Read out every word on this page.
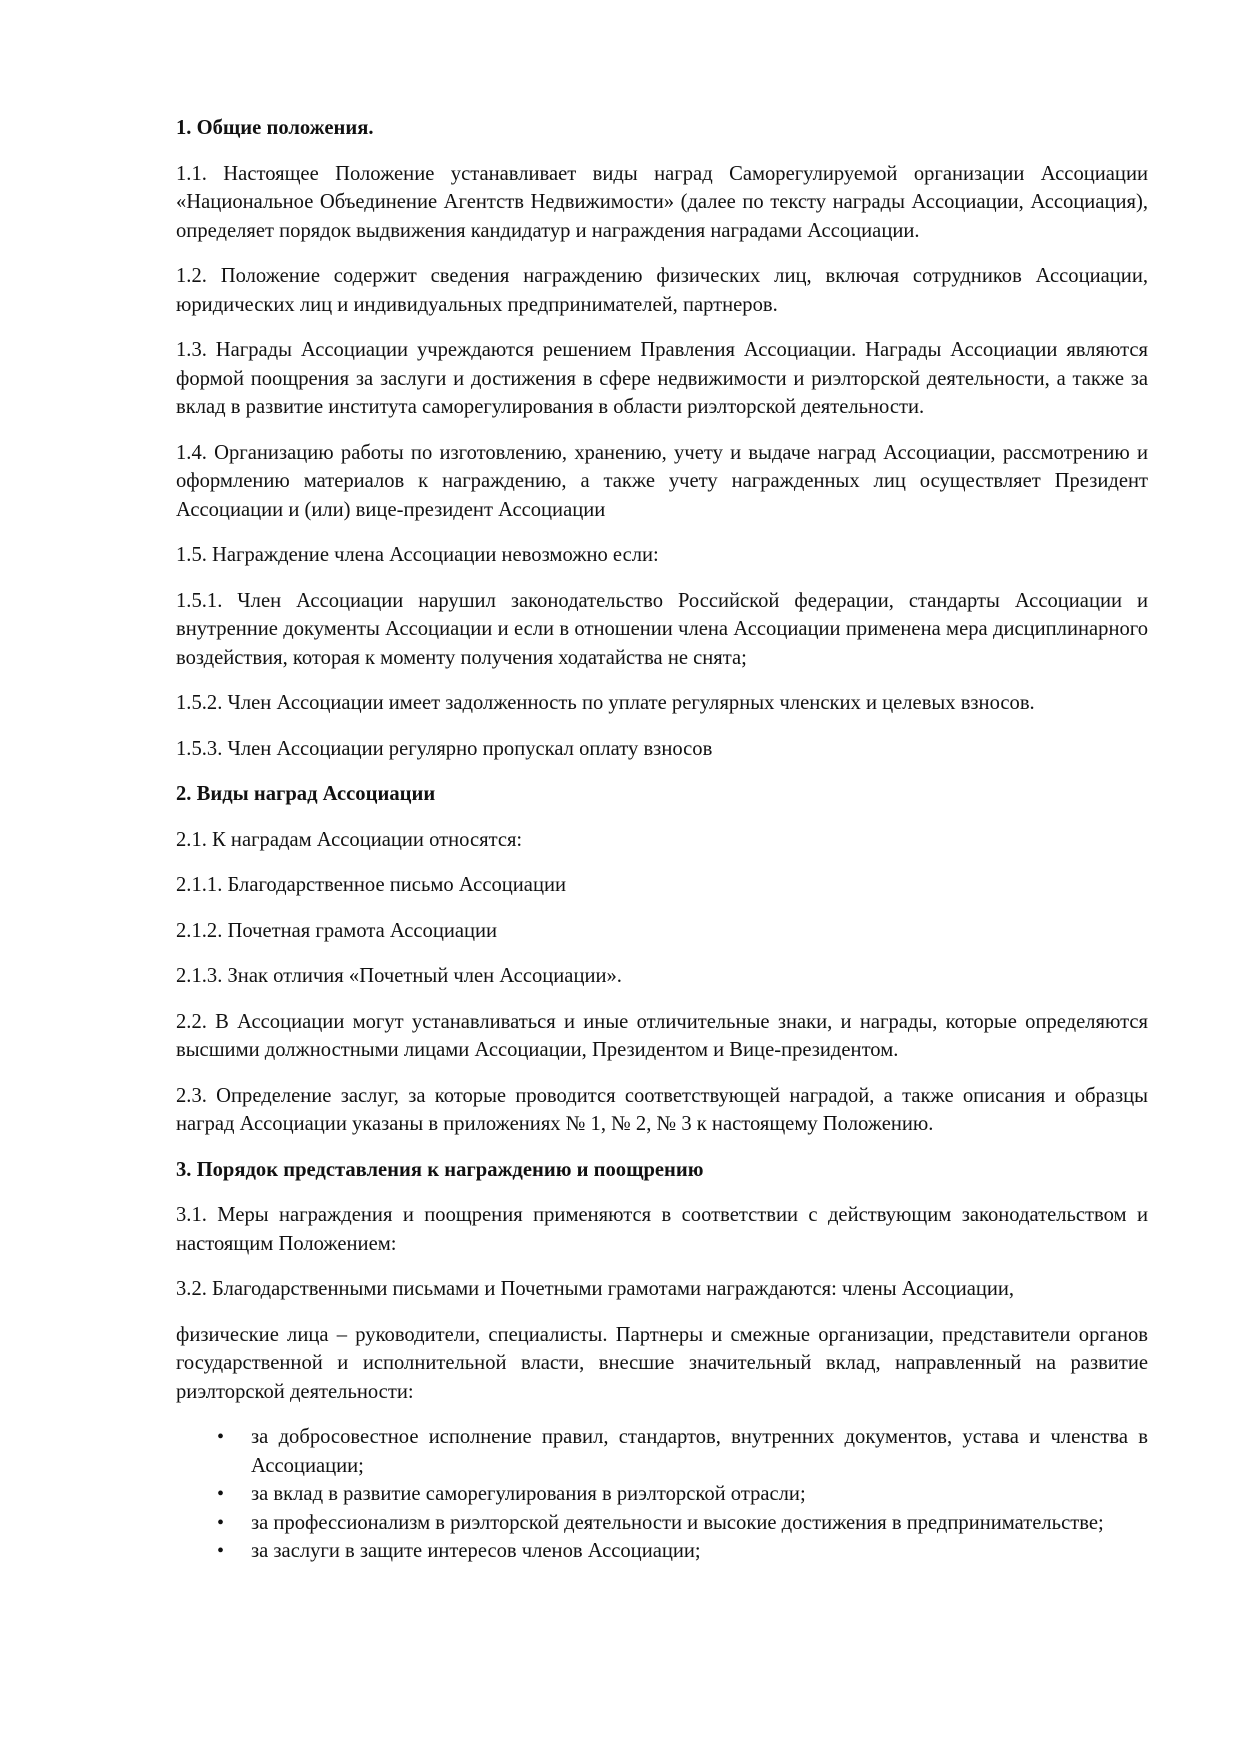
1. Общие положения.
1.1. Настоящее Положение устанавливает виды наград Саморегулируемой организации Ассоциации «Национальное Объединение Агентств Недвижимости» (далее по тексту награды Ассоциации, Ассоциация), определяет порядок выдвижения кандидатур и награждения наградами Ассоциации.
1.2. Положение содержит сведения награждению физических лиц, включая сотрудников Ассоциации, юридических лиц и индивидуальных предпринимателей, партнеров.
1.3. Награды Ассоциации учреждаются решением Правления Ассоциации. Награды Ассоциации являются формой поощрения за заслуги и достижения в сфере недвижимости и риэлторской деятельности, а также за вклад в развитие института саморегулирования в области риэлторской деятельности.
1.4. Организацию работы по изготовлению, хранению, учету и выдаче наград Ассоциации, рассмотрению и оформлению материалов к награждению, а также учету награжденных лиц осуществляет Президент Ассоциации и (или) вице-президент Ассоциации
1.5. Награждение члена Ассоциации невозможно если:
1.5.1. Член Ассоциации нарушил законодательство Российской федерации, стандарты Ассоциации и внутренние документы Ассоциации и если в отношении члена Ассоциации применена мера дисциплинарного воздействия, которая к моменту получения ходатайства не снята;
1.5.2. Член Ассоциации имеет задолженность по уплате регулярных членских и целевых взносов.
1.5.3. Член Ассоциации регулярно пропускал оплату взносов
2. Виды наград Ассоциации
2.1. К наградам Ассоциации относятся:
2.1.1. Благодарственное письмо Ассоциации
2.1.2. Почетная грамота Ассоциации
2.1.3. Знак отличия «Почетный член Ассоциации».
2.2. В Ассоциации могут устанавливаться и иные отличительные знаки, и награды, которые определяются высшими должностными лицами Ассоциации, Президентом и Вице-президентом.
2.3. Определение заслуг, за которые проводится соответствующей наградой, а также описания и образцы наград Ассоциации указаны в приложениях № 1, № 2, № 3 к настоящему Положению.
3. Порядок представления к награждению и поощрению
3.1. Меры награждения и поощрения применяются в соответствии с действующим законодательством и настоящим Положением:
3.2. Благодарственными письмами и Почетными грамотами награждаются: члены Ассоциации,
физические лица – руководители, специалисты. Партнеры и смежные организации, представители органов государственной и исполнительной власти, внесшие значительный вклад, направленный на развитие риэлторской деятельности:
• за добросовестное исполнение правил, стандартов, внутренних документов, устава и членства в Ассоциации;
• за вклад в развитие саморегулирования в риэлторской отрасли;
• за профессионализм в риэлторской деятельности и высокие достижения в предпринимательстве;
• за заслуги в защите интересов членов Ассоциации;
